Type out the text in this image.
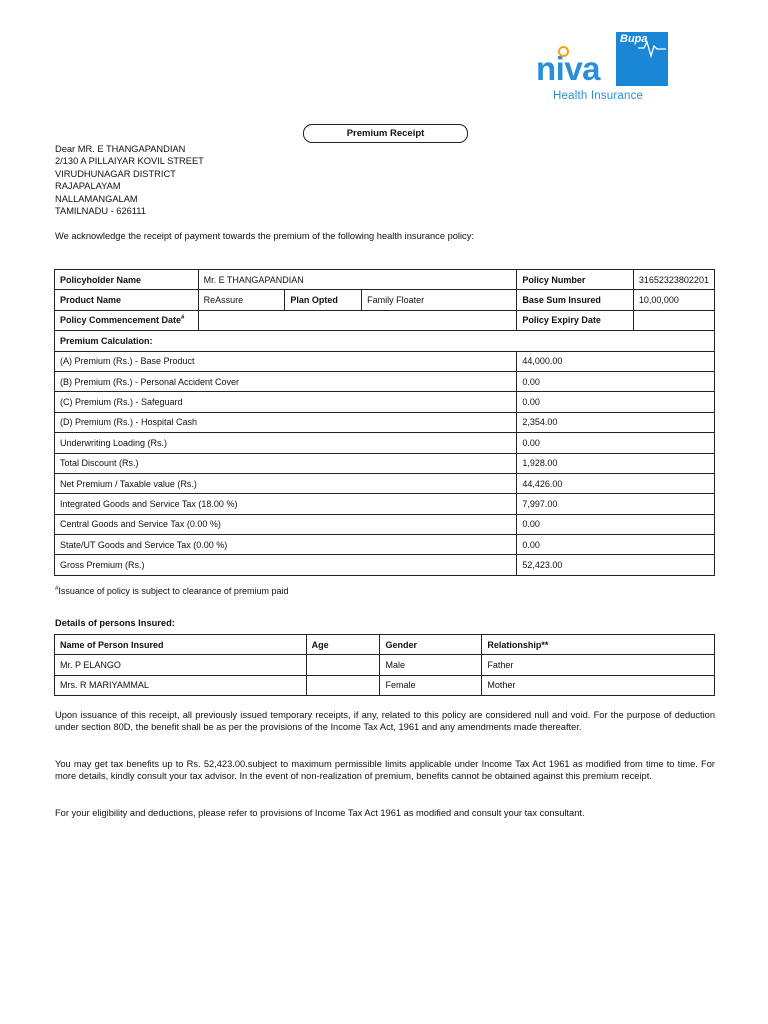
Bupa
niva
Health Insurance
Premium Receipt
Dear MR. E THANGAPANDIAN
2/130 A PILLAIYAR KOVIL STREET
VIRUDHUNAGAR DISTRICT
RAJAPALAYAM
NALLAMANGALAM
TAMILNADU - 626111
We acknowledge the receipt of payment towards the premium of the following health insurance policy:
Policyholder Name	Mr. E THANGAPANDIAN			Policy Number	31652323802201
Product Name	ReAssure	Plan Opted	Family Floater	Base Sum Insured	10,00,000
Policy Commencement Date#				Policy Expiry Date	
Premium Calculation:					
(A) Premium (Rs.) - Base Product				44,000.00	
(B) Premium (Rs.) - Personal Accident Cover				0.00	
(C) Premium (Rs.) - Safeguard				0.00	
(D) Premium (Rs.) - Hospital Cash				2,354.00	
Underwriting Loading (Rs.)				0.00	
Total Discount (Rs.)				1,928.00	
Net Premium / Taxable value (Rs.)				44,426.00	
Integrated Goods and Service Tax (18.00 %)				7,997.00	
Central Goods and Service Tax (0.00 %)				0.00	
State/UT Goods and Service Tax (0.00 %)				0.00	
Gross Premium (Rs.)				52,423.00	
#Issuance of policy is subject to clearance of premium paid
Details of persons Insured:
Name of Person Insured	Age	Gender	Relationship**
Mr. P ELANGO		Male	Father
Mrs. R MARIYAMMAL		Female	Mother
Upon issuance of this receipt, all previously issued temporary receipts, if any, related to this policy are considered null and void. For the purpose of deduction under section 80D, the benefit shall be as per the provisions of the Income Tax Act, 1961 and any amendments made thereafter.
You may get tax benefits up to Rs. 52,423.00.subject to maximum permissible limits applicable under Income Tax Act 1961 as modified from time to time. For more details, kindly consult your tax advisor. In the event of non-realization of premium, benefits cannot be obtained against this premium receipt.
For your eligibility and deductions, please refer to provisions of Income Tax Act 1961 as modified and consult your tax consultant.
